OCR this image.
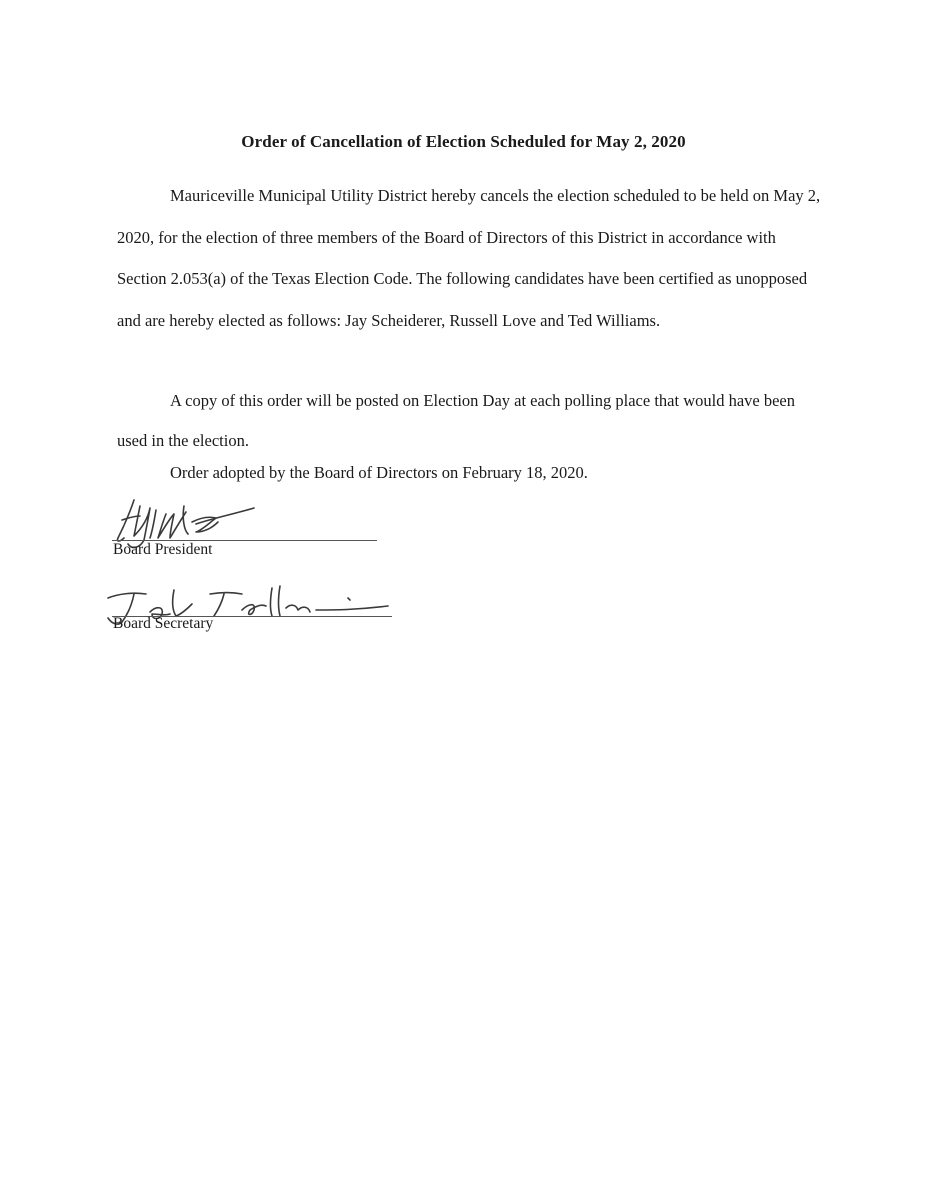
Order of Cancellation of Election Scheduled for May 2, 2020
Mauriceville Municipal Utility District hereby cancels the election scheduled to be held on May 2, 2020, for the election of three members of the Board of Directors of this District in accordance with Section 2.053(a) of the Texas Election Code. The following candidates have been certified as unopposed and are hereby elected as follows: Jay Scheiderer, Russell Love and Ted Williams.
A copy of this order will be posted on Election Day at each polling place that would have been used in the election.
Order adopted by the Board of Directors on February 18, 2020.
Board President
Board Secretary
